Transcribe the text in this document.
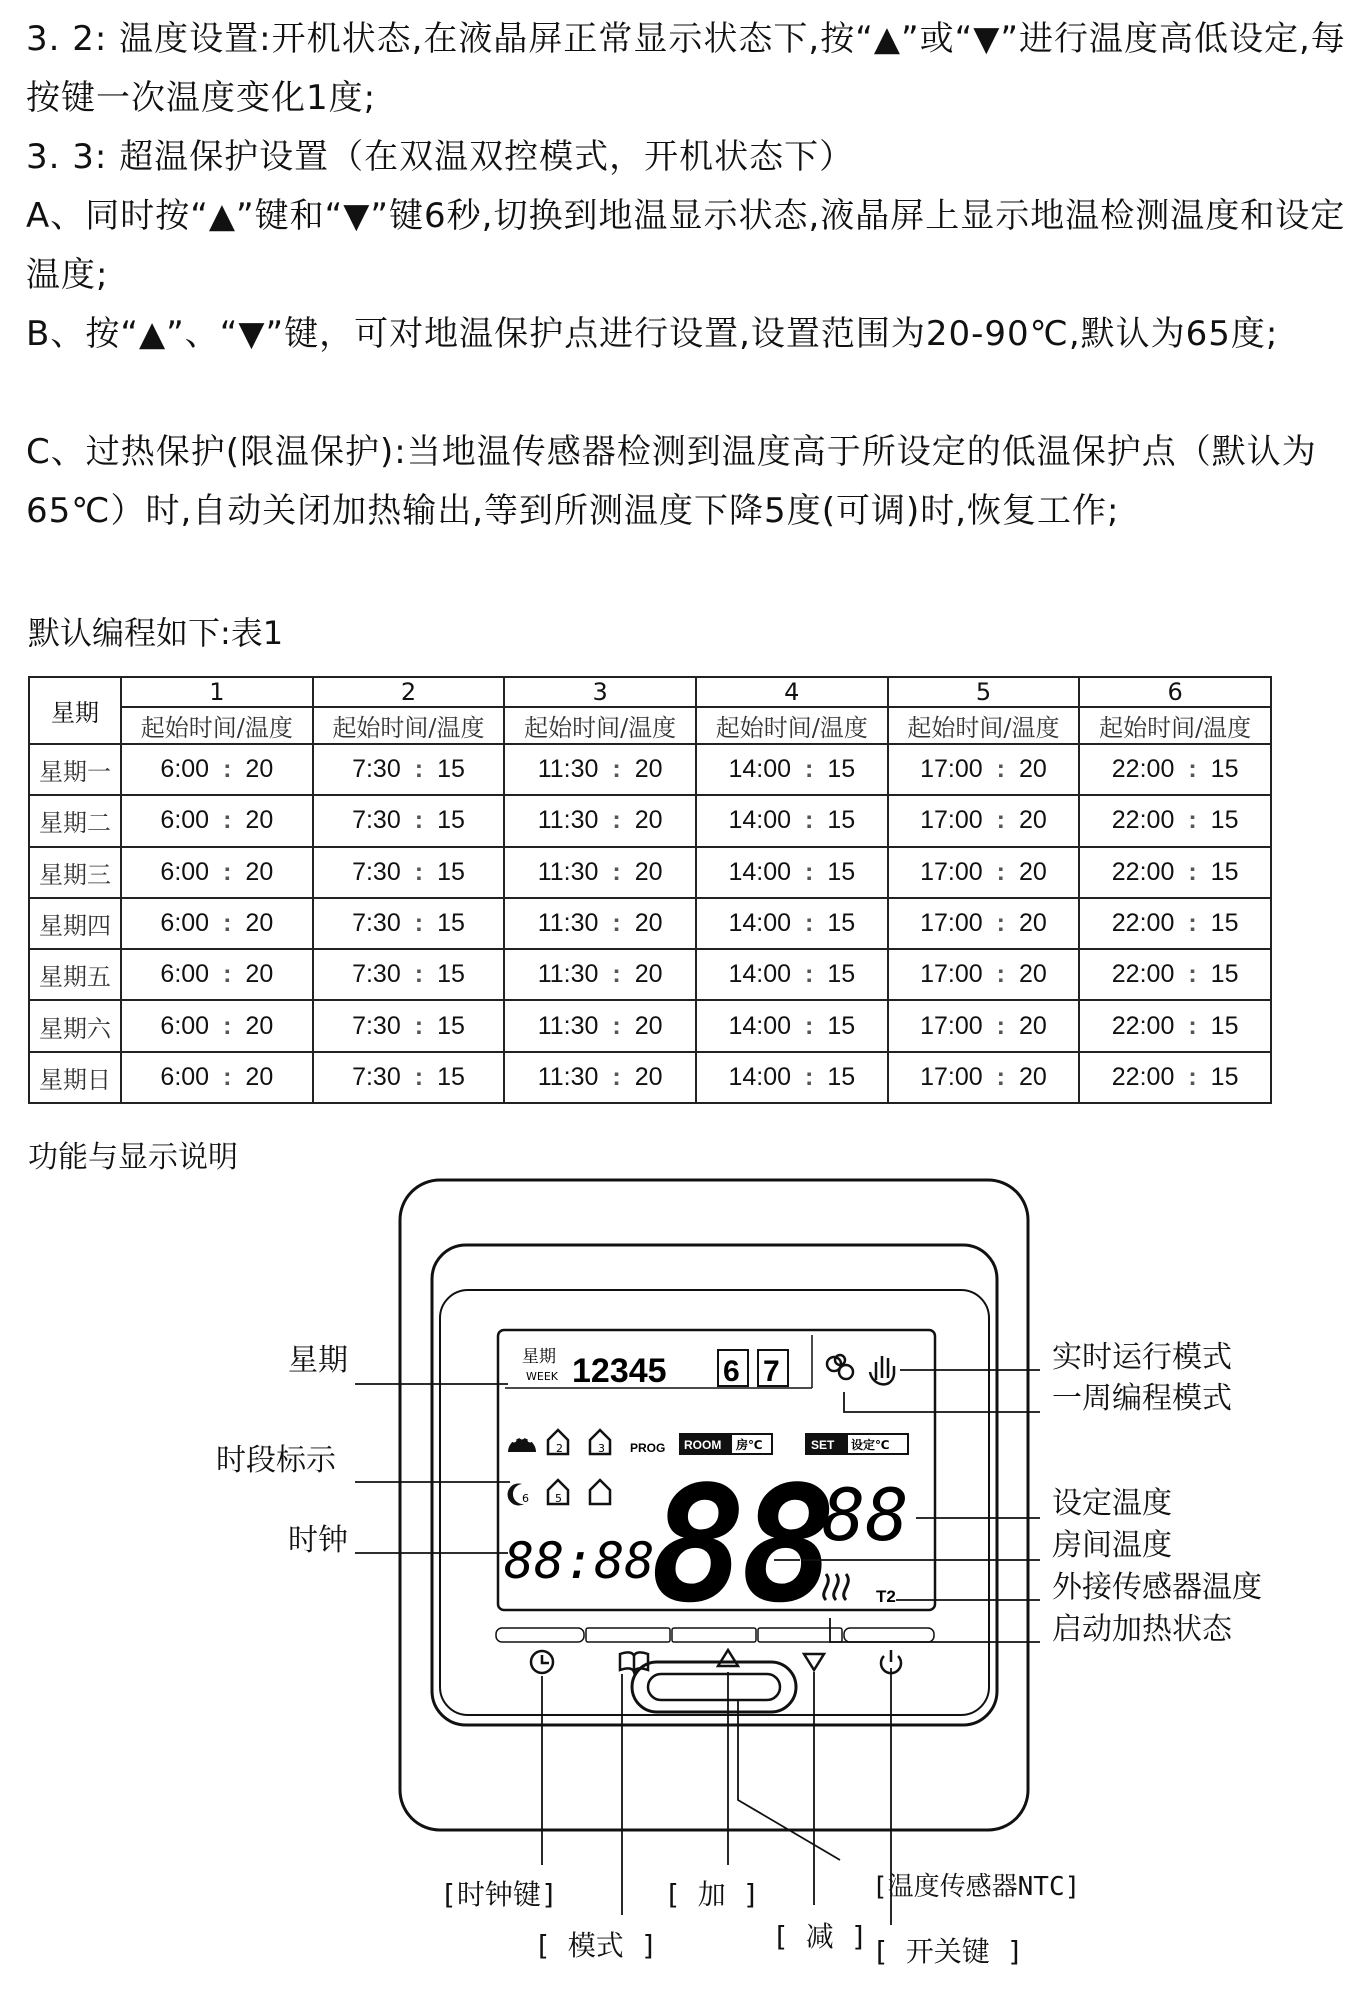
3. 2: 温度设置:开机状态,在液晶屏正常显示状态下,按“▲”或“▼”进行温度高低设定,每按键一次温度变化1度;

3. 3: 超温保护设置（在双温双控模式，开机状态下）

A、同时按“▲”键和“▼”键6秒,切换到地温显示状态,液晶屏上显示地温检测温度和设定温度;

B、按“▲”、“▼”键，可对地温保护点进行设置,设置范围为20-90℃,默认为65度;

C、过热保护(限温保护):当地温传感器检测到温度高于所设定的低温保护点（默认为65℃）时,自动关闭加热输出,等到所测温度下降5度(可调)时,恢复工作;

默认编程如下:表1

星期	1	2	3	4	5	6
	起始时间/温度	起始时间/温度	起始时间/温度	起始时间/温度	起始时间/温度	起始时间/温度
星期一	6:00 : 20	7:30 : 15	11:30 : 20	14:00 : 15	17:00 : 20	22:00 : 15

星期二	6:00 : 20	7:30 : 15	11:30 : 20	14:00 : 15	17:00 : 20	22:00 : 15

星期三	6:00 : 20	7:30 : 15	11:30 : 20	14:00 : 15	17:00 : 20	22:00 : 15

星期四	6:00 : 20	7:30 : 15	11:30 : 20	14:00 : 15	17:00 : 20	22:00 : 15

星期五	6:00 : 20	7:30 : 15	11:30 : 20	14:00 : 15	17:00 : 20	22:00 : 15

星期六	6:00 : 20	7:30 : 15	11:30 : 20	14:00 : 15	17:00 : 20	22:00 : 15

星期日	6:00 : 20	7:30 : 15	11:30 : 20	14:00 : 15	17:00 : 20	22:00 : 15

功能与显示说明

星期

时段标示

时钟

实时运行模式

一周编程模式

设定温度

房间温度

外接传感器温度

启动加热状态

[时钟键]

[ 模式 ]

[ 加 ]

[ 减 ]

[温度传感器NTC]

[ 开关键 ]

星期
WEEK 12345 6 7
2	3 PROG ROOM 房℃	SET 设定℃
6 5
88:88
88
88
T2
